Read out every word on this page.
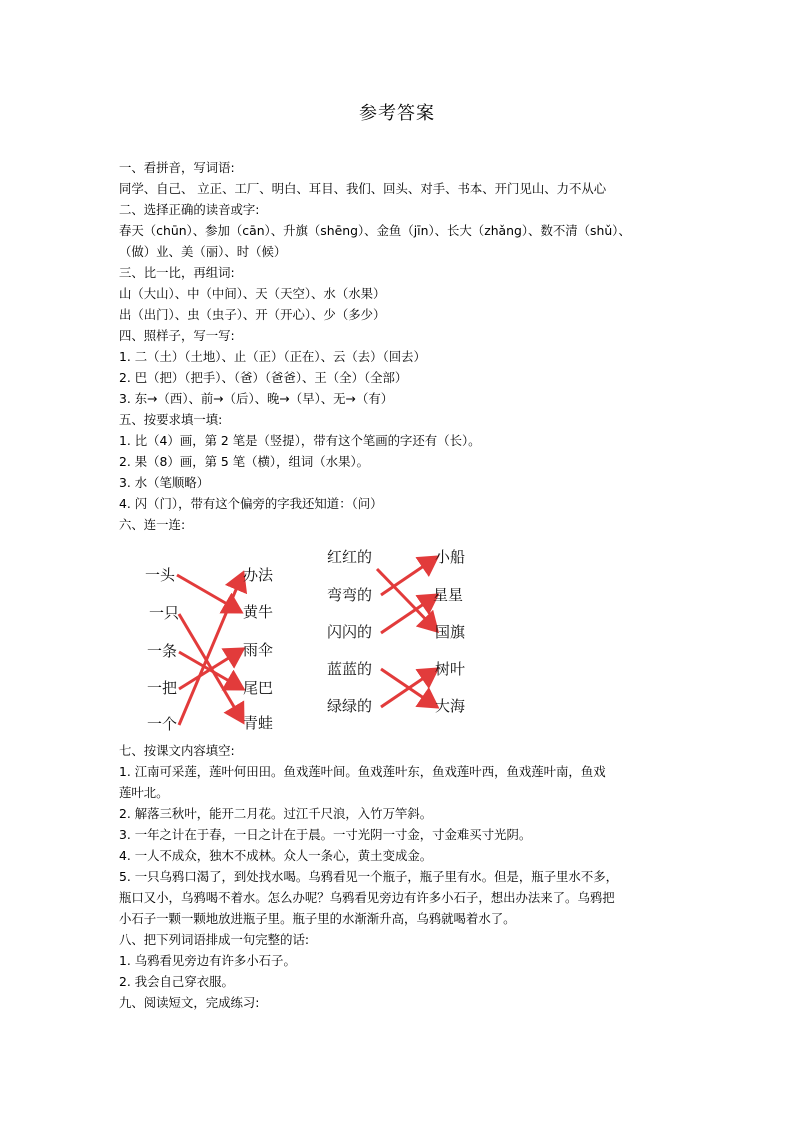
参考答案
一、看拼音，写词语:
同学、自己、 立正、工厂、明白、耳目、我们、回头、对手、书本、开门见山、力不从心
二、选择正确的读音或字:
春天（chūn）、参加（cān）、升旗（shēng）、金鱼（jīn）、长大（zhǎng）、数不清（shǔ）、
（做）业、美（丽）、时（候）
三、比一比，再组词:
山（大山）、中（中间）、天（天空）、水（水果）
出（出门）、虫（虫子）、开（开心）、少（多少）
四、照样子，写一写:
1. 二（土）（土地）、止（正）（正在）、云（去）（回去）
2. 巴（把）（把手）、（爸）（爸爸）、王（全）（全部）
3. 东→（西）、前→（后）、晚→（早）、无→（有）
五、按要求填一填:
1. 比（4）画，第 2 笔是（竖提），带有这个笔画的字还有（长）。
2. 果（8）画，第 5 笔（横），组词（水果）。
3. 水（笔顺略）
4. 闪（门），带有这个偏旁的字我还知道：（问）
六、连一连:
七、按课文内容填空:
1. 江南可采莲，莲叶何田田。鱼戏莲叶间。鱼戏莲叶东，鱼戏莲叶西，鱼戏莲叶南，鱼戏
莲叶北。
2. 解落三秋叶，能开二月花。过江千尺浪，入竹万竿斜。
3. 一年之计在于春，一日之计在于晨。一寸光阴一寸金，寸金难买寸光阴。
4. 一人不成众，独木不成林。众人一条心，黄土变成金。
5. 一只乌鸦口渴了，到处找水喝。乌鸦看见一个瓶子，瓶子里有水。但是，瓶子里水不多，
瓶口又小，乌鸦喝不着水。怎么办呢？乌鸦看见旁边有许多小石子，想出办法来了。乌鸦把
小石子一颗一颗地放进瓶子里。瓶子里的水渐渐升高，乌鸦就喝着水了。
八、把下列词语排成一句完整的话:
1. 乌鸦看见旁边有许多小石子。
2. 我会自己穿衣服。
九、阅读短文，完成练习:
一头
一只
一条
一把
一个
办法
黄牛
雨伞
尾巴
青蛙
红红的
弯弯的
闪闪的
蓝蓝的
绿绿的
小船
星星
国旗
树叶
大海
